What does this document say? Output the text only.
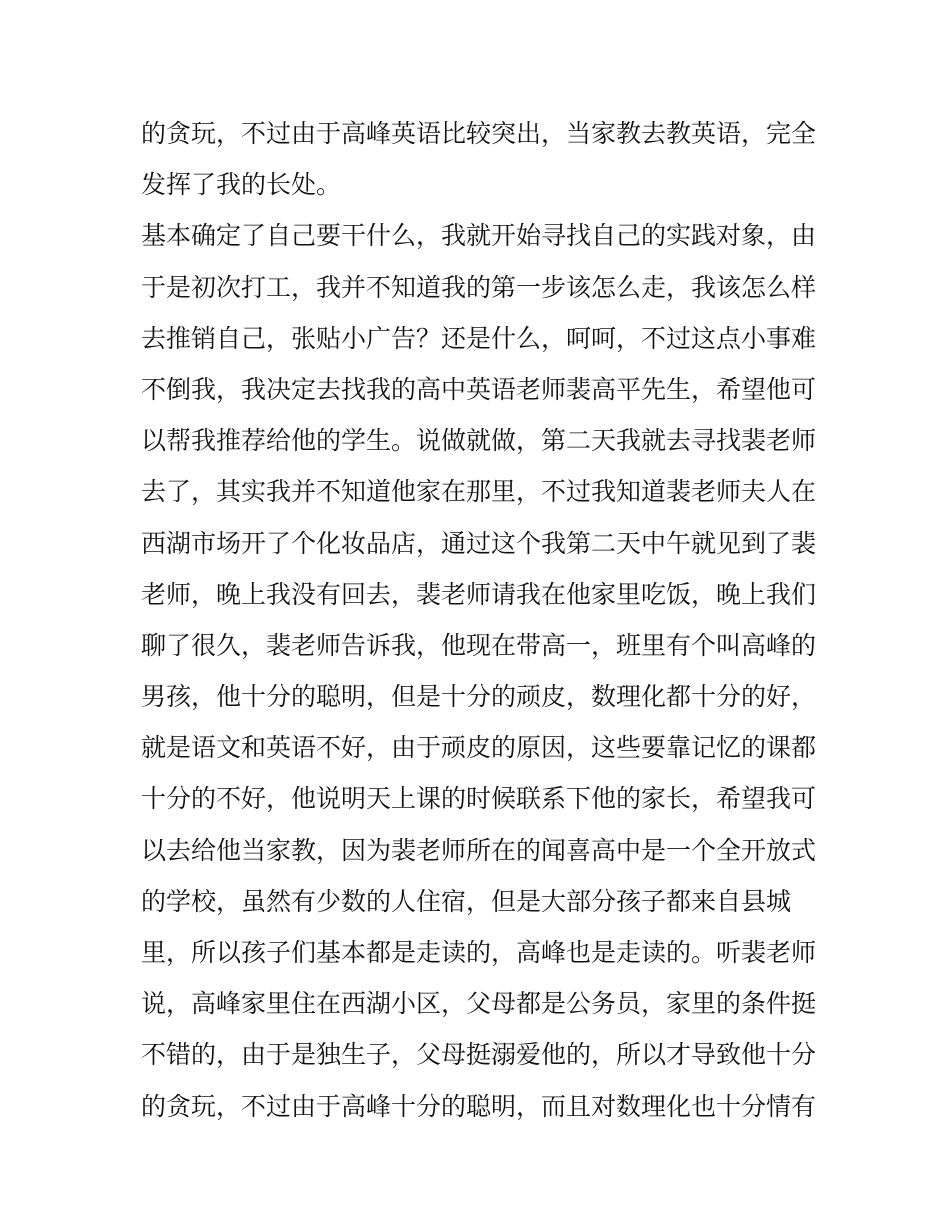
的贪玩，不过由于高峰英语比较突出，当家教去教英语，完全
发挥了我的长处。
基本确定了自己要干什么，我就开始寻找自己的实践对象，由
于是初次打工，我并不知道我的第一步该怎么走，我该怎么样
去推销自己，张贴小广告？还是什么，呵呵，不过这点小事难
不倒我，我决定去找我的高中英语老师裴高平先生，希望他可
以帮我推荐给他的学生。说做就做，第二天我就去寻找裴老师
去了，其实我并不知道他家在那里，不过我知道裴老师夫人在
西湖市场开了个化妆品店，通过这个我第二天中午就见到了裴
老师，晚上我没有回去，裴老师请我在他家里吃饭，晚上我们
聊了很久，裴老师告诉我，他现在带高一，班里有个叫高峰的
男孩，他十分的聪明，但是十分的顽皮，数理化都十分的好，
就是语文和英语不好，由于顽皮的原因，这些要靠记忆的课都
十分的不好，他说明天上课的时候联系下他的家长，希望我可
以去给他当家教，因为裴老师所在的闻喜高中是一个全开放式
的学校，虽然有少数的人住宿，但是大部分孩子都来自县城
里，所以孩子们基本都是走读的，高峰也是走读的。听裴老师
说，高峰家里住在西湖小区，父母都是公务员，家里的条件挺
不错的，由于是独生子，父母挺溺爱他的，所以才导致他十分
的贪玩，不过由于高峰十分的聪明，而且对数理化也十分情有
